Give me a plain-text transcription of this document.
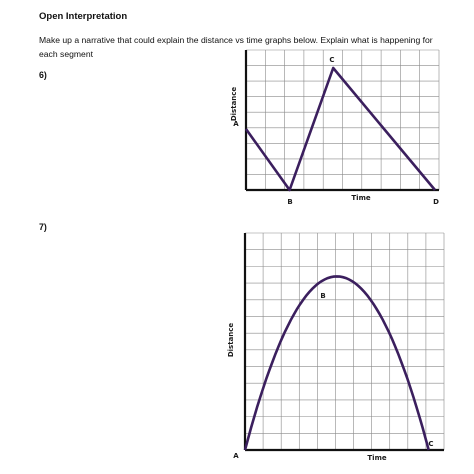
Open Interpretation
Make up a narrative that could explain the distance vs time graphs below. Explain what is happening for each segment
6)
7)
Distance
Time
A
B
C
D
Distance
Time
A
B
C
